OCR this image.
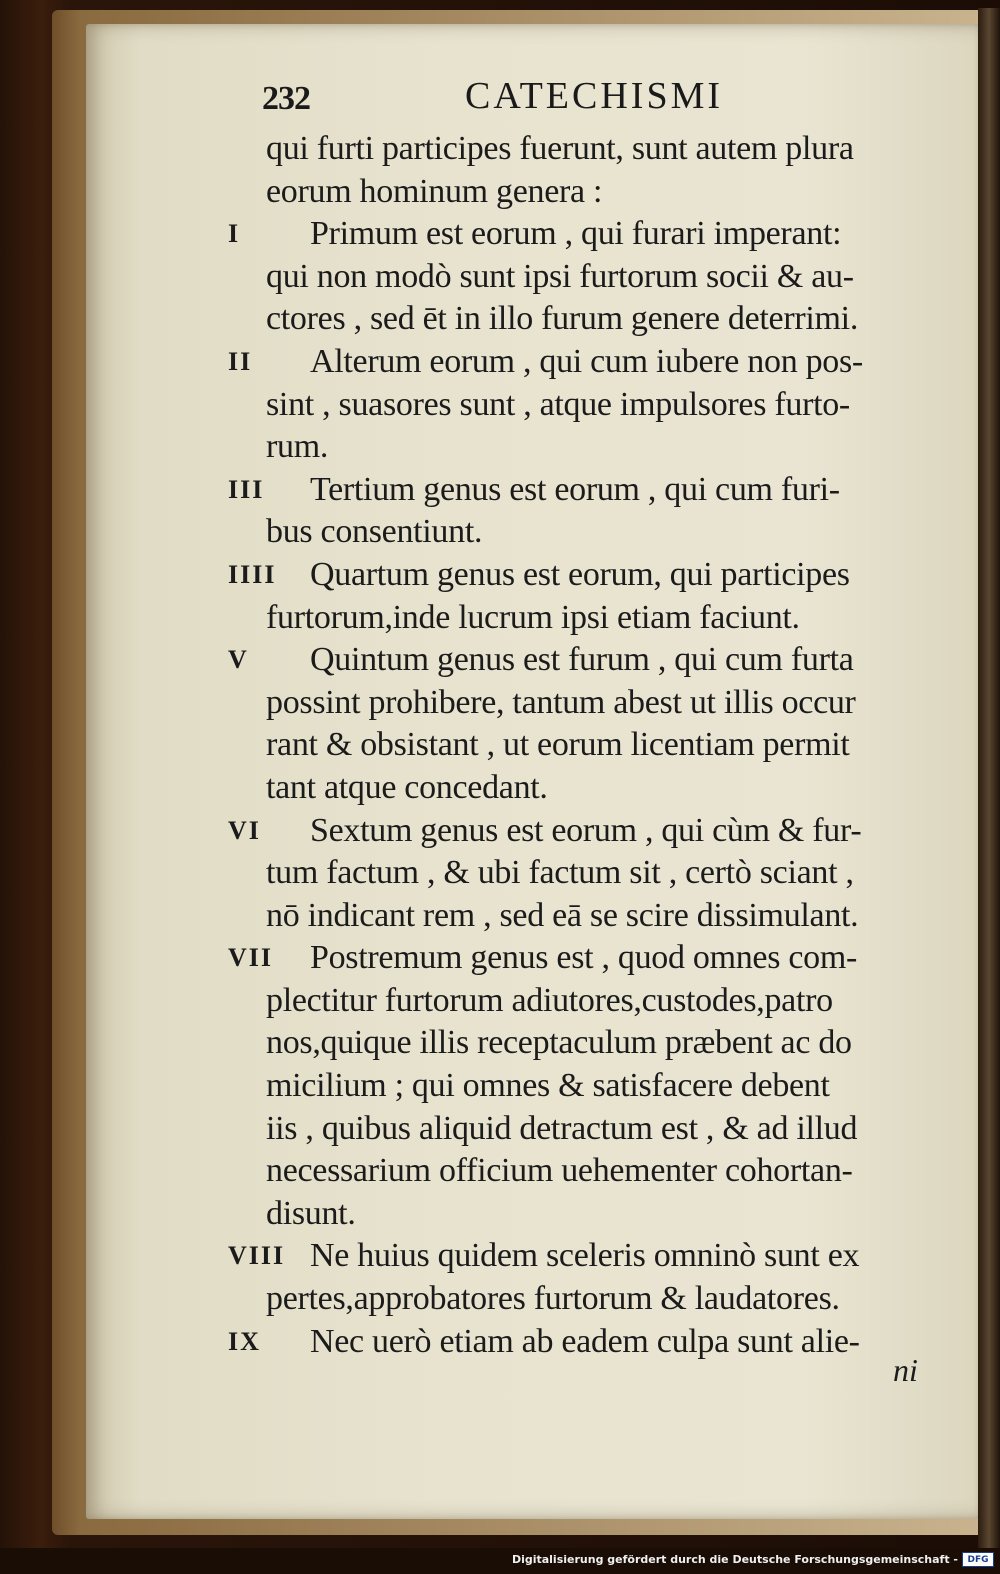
232	CATECHISMI
qui furti participes fuerunt, sunt autem plura
eorum hominum genera :
I Primum est eorum , qui furari imperant:
qui non modò sunt ipsi furtorum socii & au-
ctores , sed ēt in illo furum genere deterrimi.
II Alterum eorum , qui cum iubere non pos-
sint , suasores sunt , atque impulsores furto-
rum.
III Tertium genus est eorum , qui cum furi-
bus consentiunt.
IIII Quartum genus est eorum, qui participes
furtorum,inde lucrum ipsi etiam faciunt.
V Quintum genus est furum , qui cum furta
possint prohibere, tantum abest ut illis occur
rant & obsistant , ut eorum licentiam permit
tant atque concedant.
VI Sextum genus est eorum , qui cùm & fur-
tum factum , & ubi factum sit , certò sciant ,
nō indicant rem , sed eā se scire dissimulant.
VII Postremum genus est , quod omnes com-
plectitur furtorum adiutores,custodes,patro
nos,quique illis receptaculum præbent ac do
micilium ; qui omnes & satisfacere debent
iis , quibus aliquid detractum est , & ad illud
necessarium officium uehementer cohortan-
disunt.
VIII Ne huius quidem sceleris omninò sunt ex
pertes,approbatores furtorum & laudatores.
IX Nec uerò etiam ab eadem culpa sunt alie-
ni
Digitalisierung gefördert durch die Deutsche Forschungsgemeinschaft -	DFG
